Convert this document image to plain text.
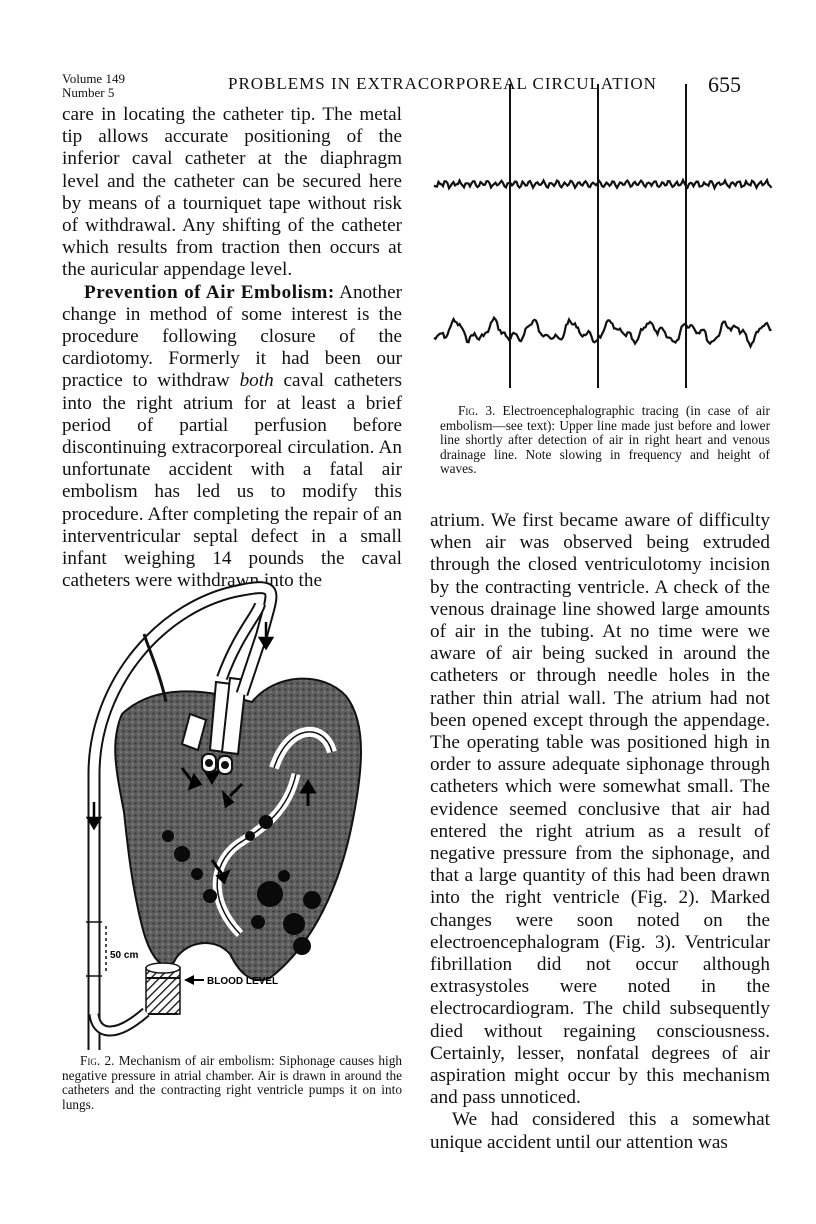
Volume 149
Number 5	PROBLEMS IN EXTRACORPOREAL CIRCULATION 655

care in locating the catheter tip. The metal tip allows accurate positioning of the inferior caval catheter at the diaphragm level and the catheter can be secured here by means of a tourniquet tape without risk of withdrawal. Any shifting of the catheter which results from traction then occurs at the auricular appendage level.

Prevention of Air Embolism: Another change in method of some interest is the procedure following closure of the cardiotomy. Formerly it had been our practice to withdraw both caval catheters into the right atrium for at least a brief period of partial perfusion before discontinuing extracorporeal circulation. An unfortunate accident with a fatal air embolism has led us to modify this procedure. After completing the repair of an interventricular septal defect in a small infant weighing 14 pounds the caval catheters were withdrawn into the

50 cm
BLOOD LEVEL
Fig. 2. Mechanism of air embolism: Siphonage causes high negative pressure in atrial chamber. Air is drawn in around the catheters and the contracting right ventricle pumps it on into lungs.
Fig. 3. Electroencephalographic tracing (in case of air embolism—see text): Upper line made just before and lower line shortly after detection of air in right heart and venous drainage line. Note slowing in frequency and height of waves.

atrium. We first became aware of difficulty when air was observed being extruded through the closed ventriculotomy incision by the contracting ventricle. A check of the venous drainage line showed large amounts of air in the tubing. At no time were we aware of air being sucked in around the catheters or through needle holes in the rather thin atrial wall. The atrium had not been opened except through the appendage. The operating table was positioned high in order to assure adequate siphonage through catheters which were somewhat small. The evidence seemed conclusive that air had entered the right atrium as a result of negative pressure from the siphonage, and that a large quantity of this had been drawn into the right ventricle (Fig. 2). Marked changes were soon noted on the electroencephalogram (Fig. 3). Ventricular fibrillation did not occur although extrasystoles were noted in the electrocardiogram. The child subsequently died without regaining consciousness. Certainly, lesser, nonfatal degrees of air aspiration might occur by this mechanism and pass unnoticed.

We had considered this a somewhat unique accident until our attention was
